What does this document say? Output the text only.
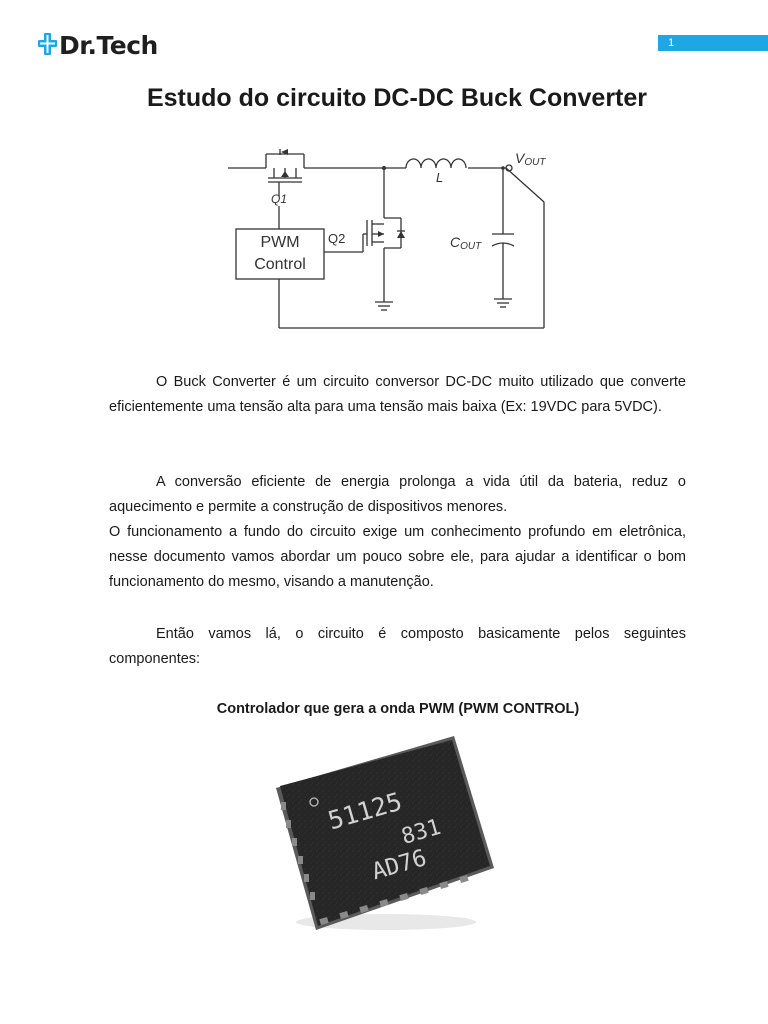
Dr.Tech	1
Estudo do circuito DC-DC Buck Converter
Q1
PWM
Control
Q2
L
VOUT
COUT

O Buck Converter é um circuito conversor DC-DC muito utilizado que converte eficientemente uma tensão alta para uma tensão mais baixa (Ex: 19VDC para 5VDC).

A conversão eficiente de energia prolonga a vida útil da bateria, reduz o aquecimento e permite a construção de dispositivos menores.

O funcionamento a fundo do circuito exige um conhecimento profundo em eletrônica, nesse documento vamos abordar um pouco sobre ele, para ajudar a identificar o bom funcionamento do mesmo, visando a manutenção.

Então vamos lá, o circuito é composto basicamente pelos seguintes componentes:

Controlador que gera a onda PWM (PWM CONTROL)
51125
831
AD76
